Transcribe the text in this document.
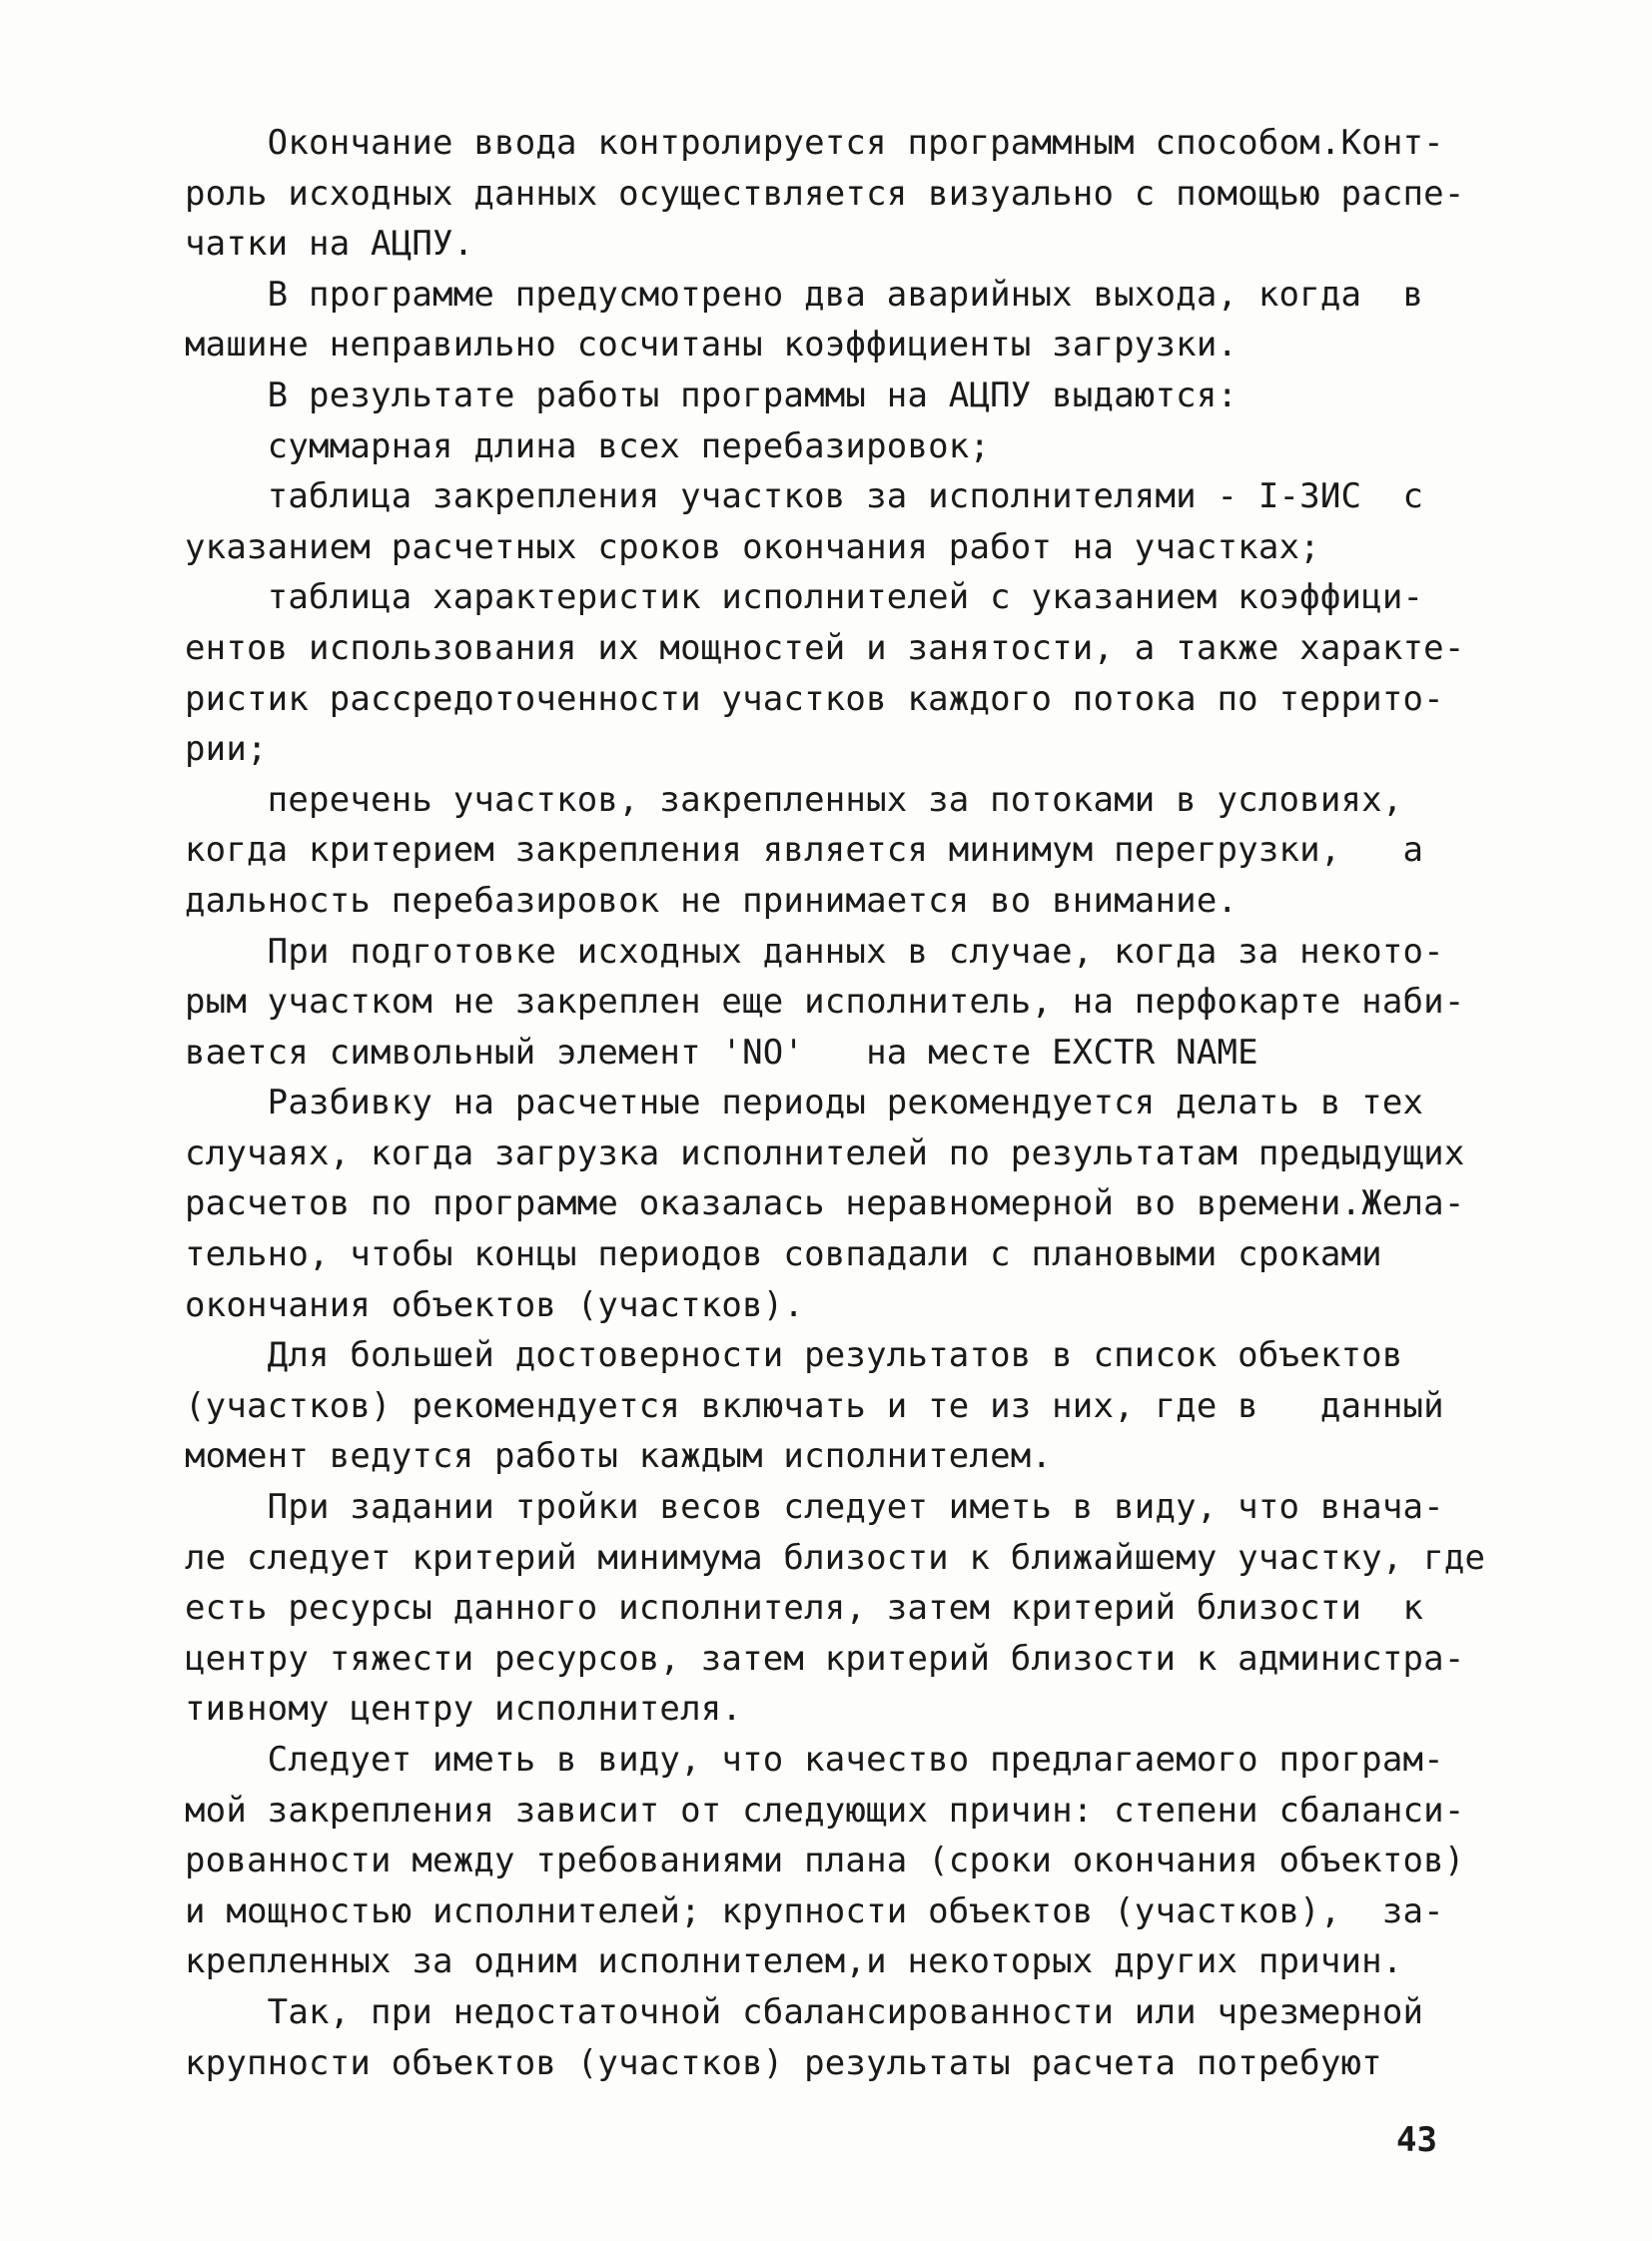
Окончание ввода контролируется программным способом.Конт-
роль исходных данных осуществляется визуально с помощью распе-
чатки на АЦПУ.
В программе предусмотрено два аварийных выхода, когда  в
машине неправильно сосчитаны коэффициенты загрузки.
В результате работы программы на АЦПУ выдаются:
суммарная длина всех перебазировок;
таблица закрепления участков за исполнителями - I-ЗИС  с
указанием расчетных сроков окончания работ на участках;
таблица характеристик исполнителей с указанием коэффици-
ентов использования их мощностей и занятости, а также характе-
ристик рассредоточенности участков каждого потока по террито-
рии;
перечень участков, закрепленных за потоками в условиях,
когда критерием закрепления является минимум перегрузки,   а
дальность перебазировок не принимается во внимание.
При подготовке исходных данных в случае, когда за некото-
рым участком не закреплен еще исполнитель, на перфокарте наби-
вается символьный элемент 'NO'   на месте EXCTR NAME
Разбивку на расчетные периоды рекомендуется делать в тех
случаях, когда загрузка исполнителей по результатам предыдущих
расчетов по программе оказалась неравномерной во времени.Жела-
тельно, чтобы концы периодов совпадали с плановыми сроками
окончания объектов (участков).
Для большей достоверности результатов в список объектов
(участков) рекомендуется включать и те из них, где в   данный
момент ведутся работы каждым исполнителем.
При задании тройки весов следует иметь в виду, что внача-
ле следует критерий минимума близости к ближайшему участку, где
есть ресурсы данного исполнителя, затем критерий близости  к
центру тяжести ресурсов, затем критерий близости к администра-
тивному центру исполнителя.
Следует иметь в виду, что качество предлагаемого програм-
мой закрепления зависит от следующих причин: степени сбаланси-
рованности между требованиями плана (сроки окончания объектов)
и мощностью исполнителей; крупности объектов (участков),  за-
крепленных за одним исполнителем,и некоторых других причин.
Так, при недостаточной сбалансированности или чрезмерной
крупности объектов (участков) результаты расчета потребуют
43
